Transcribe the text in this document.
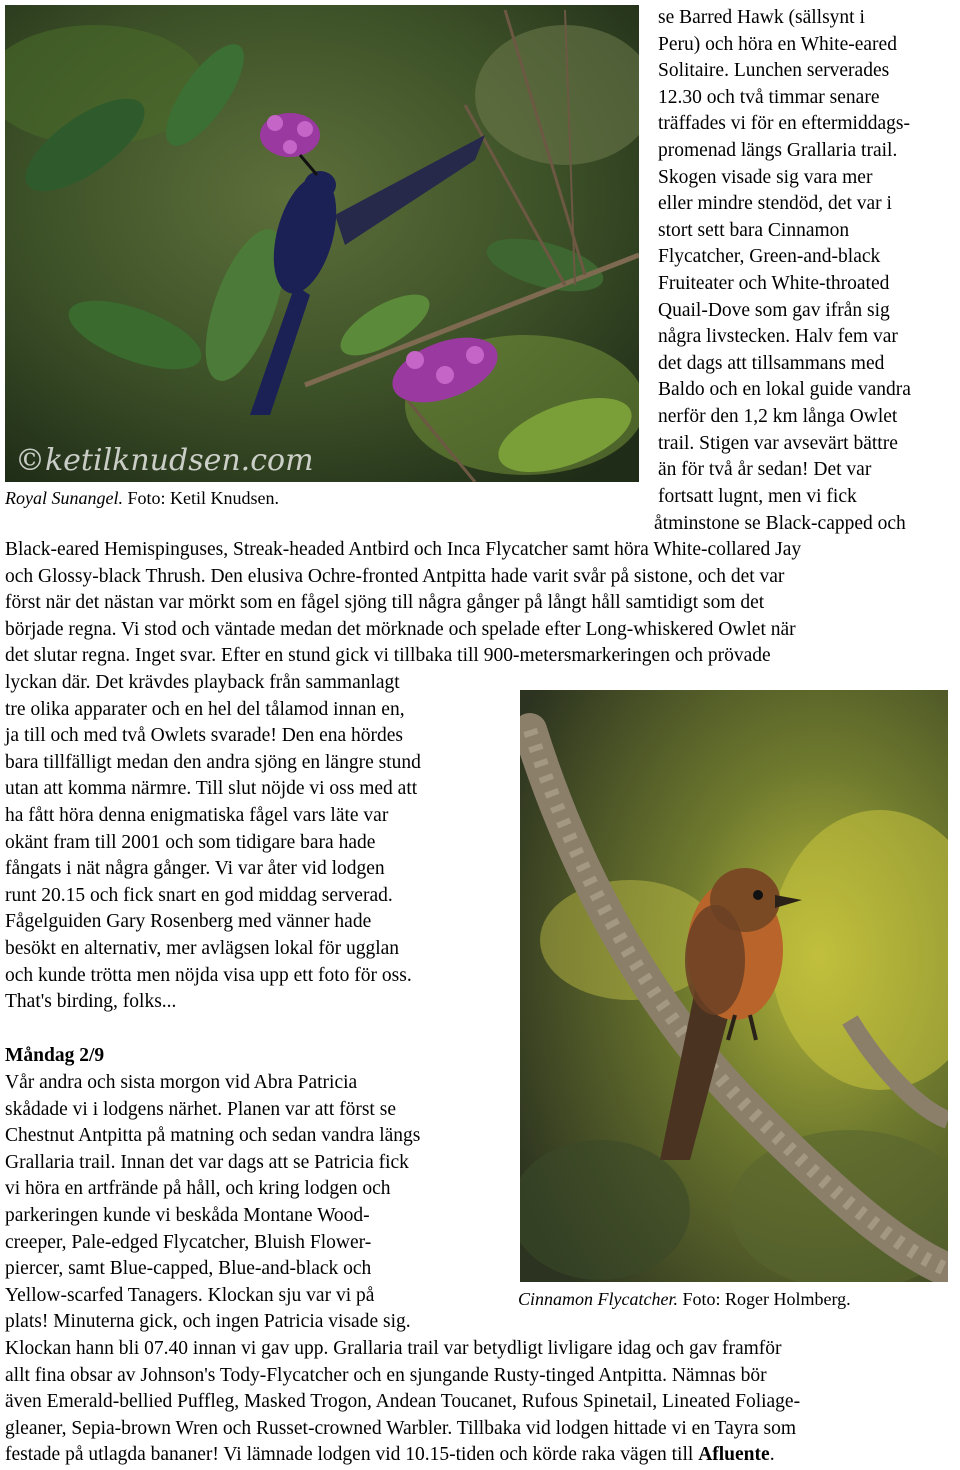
©ketilknudsen.com
Royal Sunangel. Foto: Ketil Knudsen.
se Barred Hawk (sällsynt i
Peru) och höra en White-eared
Solitaire. Lunchen serverades
12.30 och två timmar senare
träffades vi för en eftermiddags-
promenad längs Grallaria trail.
Skogen visade sig vara mer
eller mindre stendöd, det var i
stort sett bara Cinnamon
Flycatcher, Green-and-black
Fruiteater och White-throated
Quail-Dove som gav ifrån sig
några livstecken. Halv fem var
det dags att tillsammans med
Baldo och en lokal guide vandra
nerför den 1,2 km långa Owlet
trail. Stigen var avsevärt bättre
än för två år sedan! Det var
fortsatt lugnt, men vi fick
åtminstone se Black-capped och
Black-eared Hemispinguses, Streak-headed Antbird och Inca Flycatcher samt höra White-collared Jay
och Glossy-black Thrush. Den elusiva Ochre-fronted Antpitta hade varit svår på sistone, och det var
först när det nästan var mörkt som en fågel sjöng till några gånger på långt håll samtidigt som det
började regna. Vi stod och väntade medan det mörknade och spelade efter Long-whiskered Owlet när
det slutar regna. Inget svar. Efter en stund gick vi tillbaka till 900-metersmarkeringen och prövade
lyckan där. Det krävdes playback från sammanlagt
tre olika apparater och en hel del tålamod innan en,
ja till och med två Owlets svarade! Den ena hördes
bara tillfälligt medan den andra sjöng en längre stund
utan att komma närmre. Till slut nöjde vi oss med att
ha fått höra denna enigmatiska fågel vars läte var
okänt fram till 2001 och som tidigare bara hade
fångats i nät några gånger. Vi var åter vid lodgen
runt 20.15 och fick snart en god middag serverad.
Fågelguiden Gary Rosenberg med vänner hade
besökt en alternativ, mer avlägsen lokal för ugglan
och kunde trötta men nöjda visa upp ett foto för oss.
That's birding, folks...
Måndag 2/9
Vår andra och sista morgon vid Abra Patricia
skådade vi i lodgens närhet. Planen var att först se
Chestnut Antpitta på matning och sedan vandra längs
Grallaria trail. Innan det var dags att se Patricia fick
vi höra en artfrände på håll, och kring lodgen och
parkeringen kunde vi beskåda Montane Wood-
creeper, Pale-edged Flycatcher, Bluish Flower-
piercer, samt Blue-capped, Blue-and-black och
Yellow-scarfed Tanagers. Klockan sju var vi på
plats! Minuterna gick, och ingen Patricia visade sig.
Cinnamon Flycatcher. Foto: Roger Holmberg.
Klockan hann bli 07.40 innan vi gav upp. Grallaria trail var betydligt livligare idag och gav framför
allt fina obsar av Johnson's Tody-Flycatcher och en sjungande Rusty-tinged Antpitta. Nämnas bör
även Emerald-bellied Puffleg, Masked Trogon, Andean Toucanet, Rufous Spinetail, Lineated Foliage-
gleaner, Sepia-brown Wren och Russet-crowned Warbler. Tillbaka vid lodgen hittade vi en Tayra som
festade på utlagda bananer! Vi lämnade lodgen vid 10.15-tiden och körde raka vägen till Afluente.
